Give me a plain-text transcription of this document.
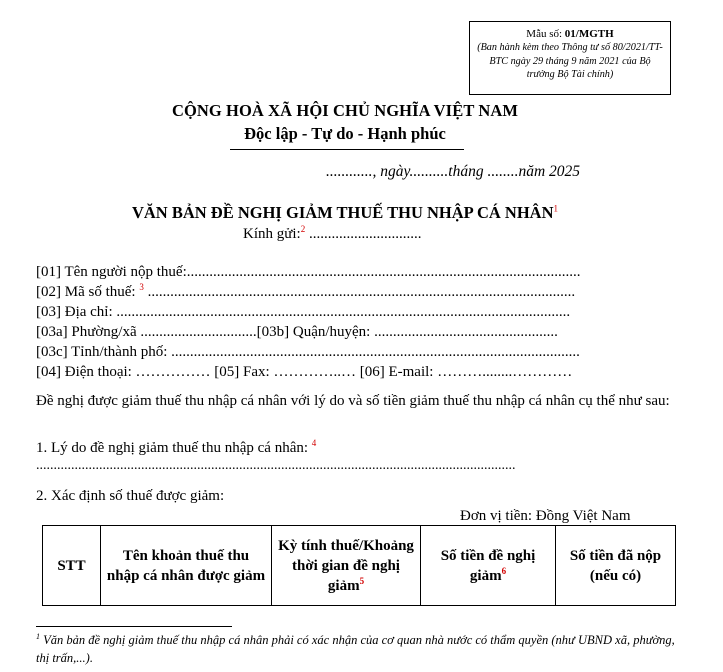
Mẫu số: 01/MGTH
(Ban hành kèm theo Thông tư số 80/2021/TT-BTC ngày 29 tháng 9 năm 2021 của Bộ trưởng Bộ Tài chính)
CỘNG HOÀ XÃ HỘI CHỦ NGHĨA VIỆT NAM
Độc lập - Tự do - Hạnh phúc
............, ngày..........tháng ........năm 2025
VĂN BẢN ĐỀ NGHỊ GIẢM THUẾ THU NHẬP CÁ NHÂN$^1$
Kính gửi:$^2$ ..............................
[01] Tên người nộp thuế:.........................................................................................................
[02] Mã số thuế: $^3$ ..................................................................................................................
[03] Địa chỉ: .........................................................................................................................
[03a] Phường/xã ...............................[03b] Quận/huyện: .................................................
[03c] Tỉnh/thành phố: .............................................................................................................
[04] Điện thoại: …………… [05] Fax: …………..… [06] E-mail: ………........…………
Đề nghị được giảm thuế thu nhập cá nhân với lý do và số tiền giảm thuế thu nhập cá nhân cụ thể như sau:
1. Lý do đề nghị giảm thuế thu nhập cá nhân: $^4$
.........................................................................................................................................
2. Xác định số thuế được giảm:
Đơn vị tiền: Đồng Việt Nam
STT	Tên khoản thuế thu nhập cá nhân được giảm	Kỳ tính thuế/Khoảng thời gian đề nghị giảm$^5$	Số tiền đề nghị giảm$^6$	Số tiền đã nộp (nếu có)
$^1$ Văn bản đề nghị giảm thuế thu nhập cá nhân phải có xác nhận của cơ quan nhà nước có thẩm quyền (như UBND xã, phường, thị trấn,...).
